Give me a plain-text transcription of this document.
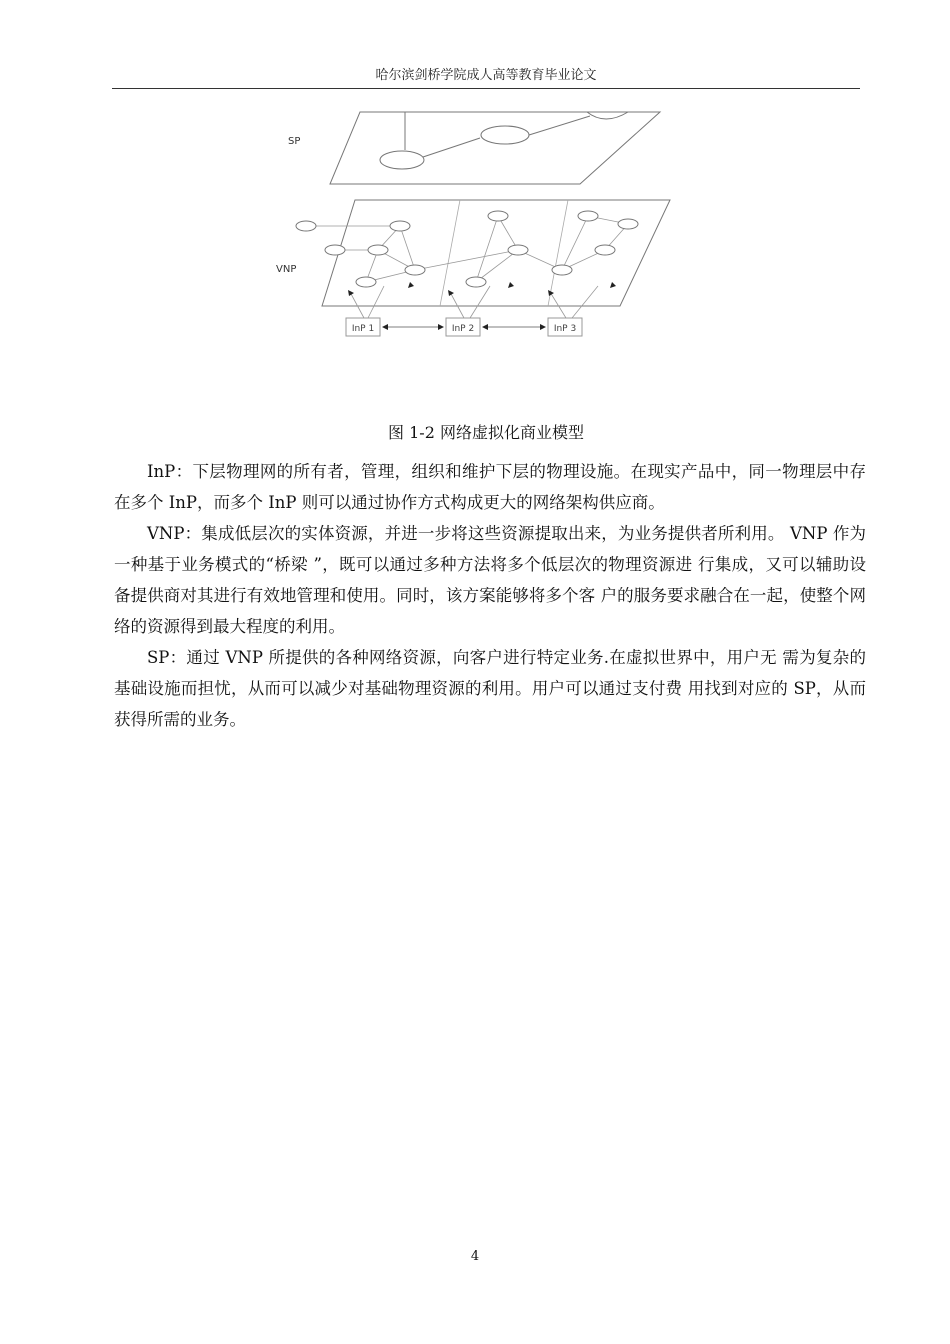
哈尔滨剑桥学院成人高等教育毕业论文
SP
VNP
InP 1	InP 2	InP 3
图 1-2 网络虚拟化商业模型

InP：下层物理网的所有者，管理，组织和维护下层的物理设施。在现实产品中，同一物理层中存在多个 InP，而多个 InP 则可以通过协作方式构成更大的网络架构供应商。

VNP：集成低层次的实体资源，并进一步将这些资源提取出来，为业务提供者所利用。 VNP 作为一种基于业务模式的“桥梁 ”，既可以通过多种方法将多个低层次的物理资源进 行集成，又可以辅助设备提供商对其进行有效地管理和使用。同时，该方案能够将多个客 户的服务要求融合在一起，使整个网络的资源得到最大程度的利用。

SP：通过 VNP 所提供的各种网络资源，向客户进行特定业务.在虚拟世界中，用户无 需为复杂的基础设施而担忧，从而可以减少对基础物理资源的利用。用户可以通过支付费 用找到对应的 SP，从而获得所需的业务。

4
